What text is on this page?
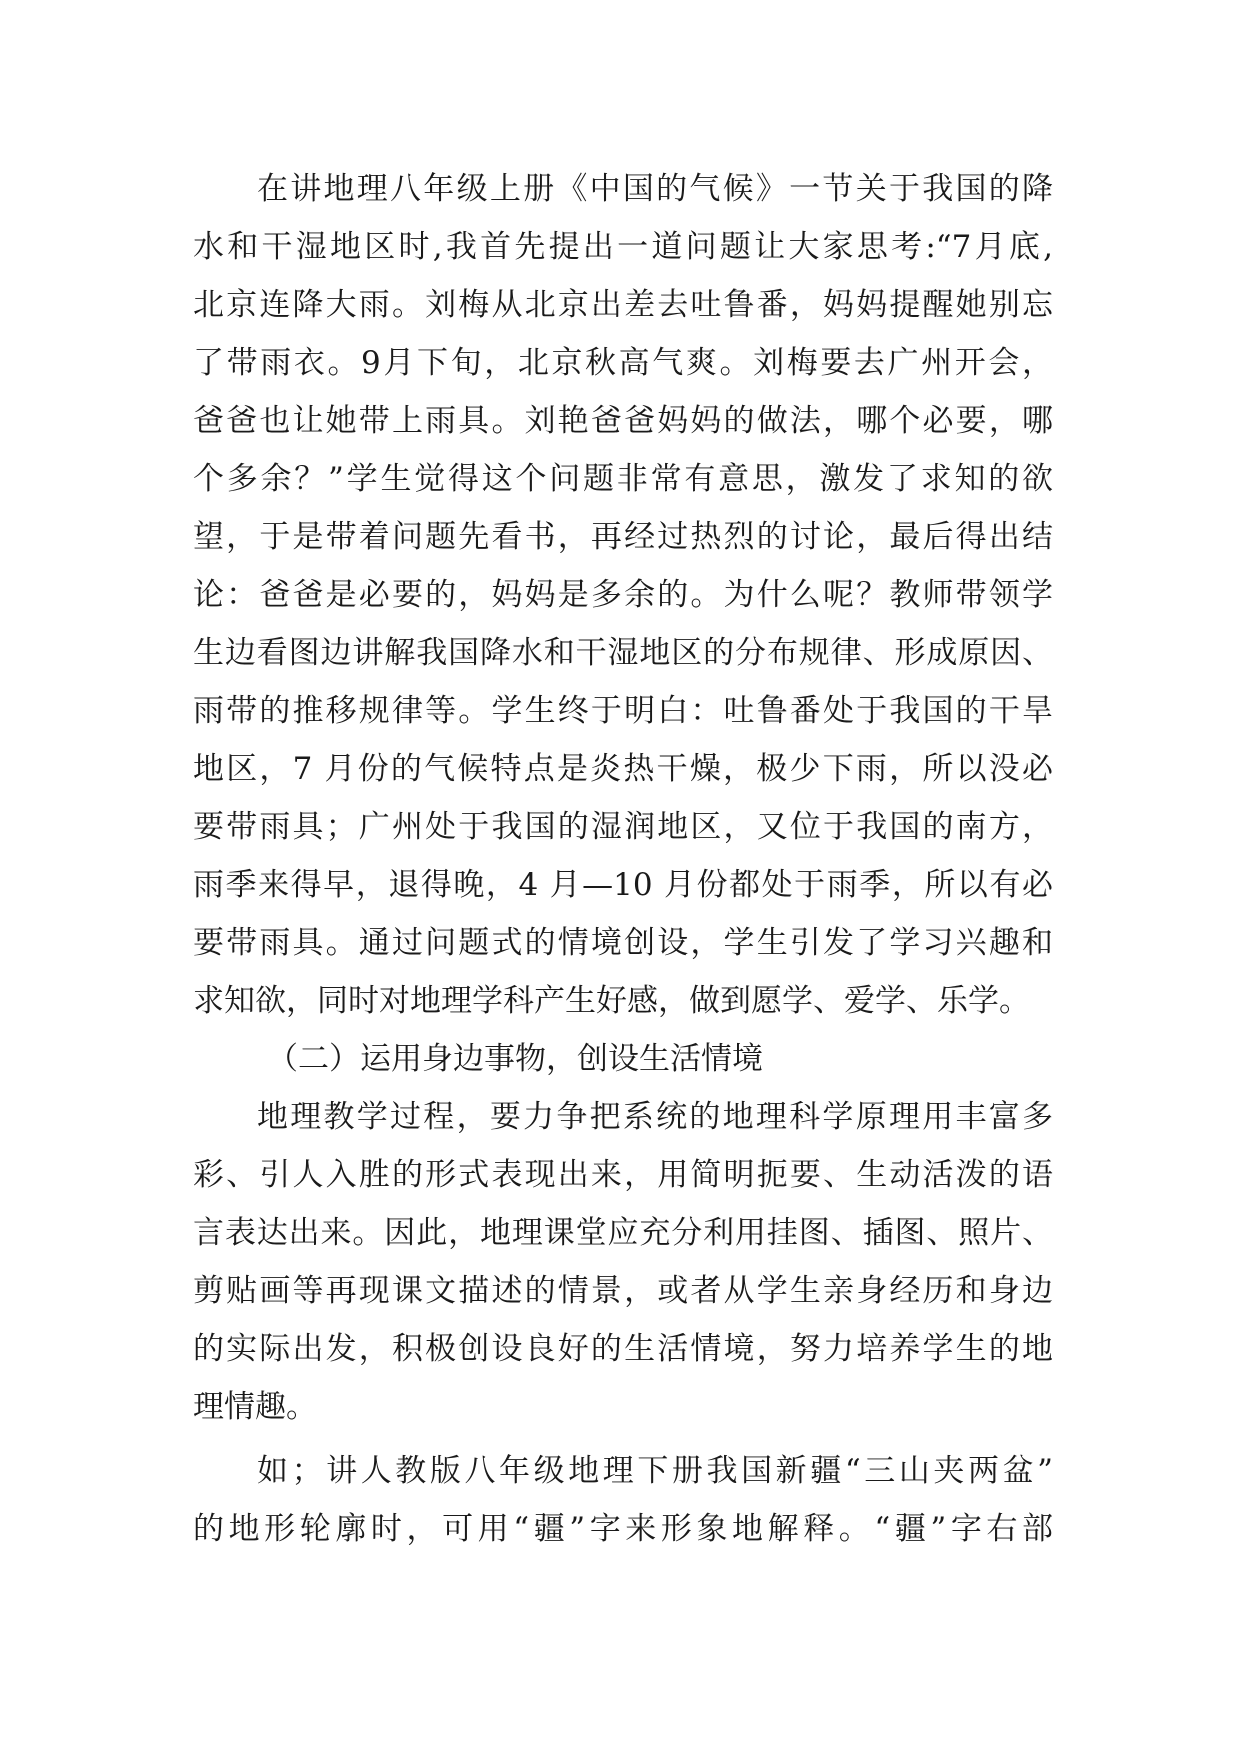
在讲地理八年级上册《中国的气候》一节关于我国的降
水和干湿地区时,我首先提出一道问题让大家思考:“7月底,
北京连降大雨。刘梅从北京出差去吐鲁番，妈妈提醒她别忘
了带雨衣。9月下旬，北京秋高气爽。刘梅要去广州开会，
爸爸也让她带上雨具。刘艳爸爸妈妈的做法，哪个必要，哪
个多余？”学生觉得这个问题非常有意思，激发了求知的欲
望，于是带着问题先看书，再经过热烈的讨论，最后得出结
论：爸爸是必要的，妈妈是多余的。为什么呢？教师带领学
生边看图边讲解我国降水和干湿地区的分布规律、形成原因、
雨带的推移规律等。学生终于明白：吐鲁番处于我国的干旱
地区，7 月份的气候特点是炎热干燥，极少下雨，所以没必
要带雨具；广州处于我国的湿润地区，又位于我国的南方，
雨季来得早，退得晚，4 月—10 月份都处于雨季，所以有必
要带雨具。通过问题式的情境创设，学生引发了学习兴趣和
求知欲，同时对地理学科产生好感，做到愿学、爱学、乐学。
（二）运用身边事物，创设生活情境
地理教学过程，要力争把系统的地理科学原理用丰富多
彩、引人入胜的形式表现出来，用简明扼要、生动活泼的语
言表达出来。因此，地理课堂应充分利用挂图、插图、照片、
剪贴画等再现课文描述的情景，或者从学生亲身经历和身边
的实际出发，积极创设良好的生活情境，努力培养学生的地
理情趣。
如；讲人教版八年级地理下册我国新疆“三山夹两盆”
的地形轮廓时，可用“疆”字来形象地解释。“疆”字右部
